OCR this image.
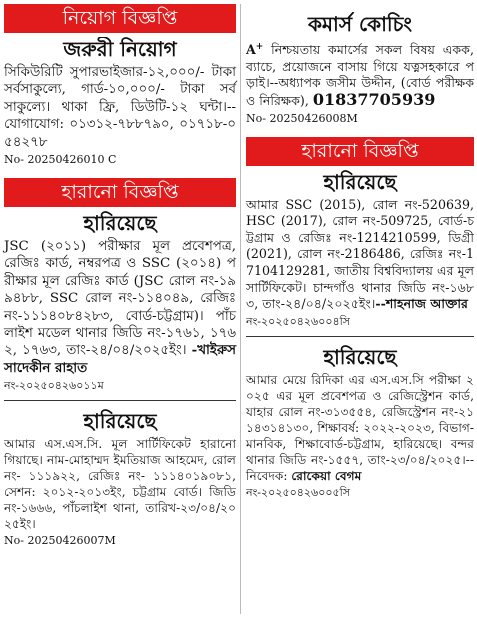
নিয়োগ বিজ্ঞপ্তি
জরুরী নিয়োগ
সিকিউরিটি সুপারভাইজার-১২,০০০/- টাকা সর্বসাকুল্যে, গার্ড-১০,০০০/- টাকা সর্বসাকুল্যে। থাকা ফ্রি, ডিউটি-১২ ঘন্টা।--যোগাযোগ: ০১৩১২-৭৮৮৭৯০, ০১৭১৮-০৫৪২৭৮
No- 20250426010 C
হারানো বিজ্ঞপ্তি
হারিয়েছে
JSC (২০১১) পরীক্ষার মূল প্রবেশপত্র, রেজিঃ কার্ড, নম্বরপত্র ও SSC (২০১৪) পরীক্ষার মূল রেজিঃ কার্ড (JSC রোল নং-১৯৯৪৮৮, SSC রোল নং-১১৪০৪৯, রেজিঃ নং-১১১৪০৮৪২৮৩, বোর্ড-চট্টগ্রাম)। পাঁচলাইশ মডেল থানার জিডি নং-১৭৬১, ১৭৬২, ১৭৬৩, তাং-২৪/০৪/২০২৫ইং। -খাইরুস সাদেকীন রাহাত
নং-২০২৫০৪২৬০১১ম
হারিয়েছে
আমার এস.এস.সি. মূল সার্টিফিকেট হারানো গিয়াছে। নাম-মোহাম্মদ ইমতিয়াজ আহমেদ, রোল নং- ১১১৯২২, রেজিঃ নং- ১১১৪০১৯০৮১, সেশন: ২০১২-২০১৩ইং, চট্টগ্রাম বোর্ড। জিডি নং-১৬৬৬, পাঁচলাইশ থানা, তারিখ-২৩/০৪/২০২৫ইং।
No- 20250426007M
কমার্স কোচিং
A+ নিশ্চয়তায় কমার্সের সকল বিষয় একক, ব্যাচে, প্রয়োজনে বাসায় গিয়ে যত্নসহকারে পড়াই।--অধ্যাপক জসীম উদ্দীন, (বোর্ড পরীক্ষক ও নিরিক্ষক), 01837705939
No- 20250426008M
হারানো বিজ্ঞপ্তি
হারিয়েছে
আমার SSC (2015), রোল নং-520639, HSC (2017), রোল নং-509725, বোর্ড-চট্টগ্রাম ও রেজিঃ নং-1214210599, ডিগ্রী (2021), রোল নং-2186486, রেজিঃ নং-17104129281, জাতীয় বিশ্ববিদ্যালয় এর মূল সার্টিফিকেট। চান্দগাঁও থানার জিডি নং-১৬৮৩, তাং-২৪/০৪/২০২৫ইং।--শাহনাজ আক্তার
নং-২০২৫০৪২৬০০৪সি
হারিয়েছে
আমার মেয়ে রিদিকা এর এস.এস.সি পরীক্ষা ২০২৫ এর মূল প্রবেশপত্র ও রেজিস্ট্রেশন কার্ড, যাহার রোল নং-৩১৩৫৫৪, রেজিস্ট্রেশন নং-২১১৪৩১৪১৩০, শিক্ষাবর্ষ: ২০২২-২০২৩, বিভাগ-মানবিক, শিক্ষাবোর্ড-চট্টগ্রাম, হারিয়েছে। বন্দর থানার জিডি নং-১৫৫৭, তাং-২৩/০৪/২০২৫।--নিবেদক: রোকেয়া বেগম
নং-২০২৫০৪২৬০০৫সি
